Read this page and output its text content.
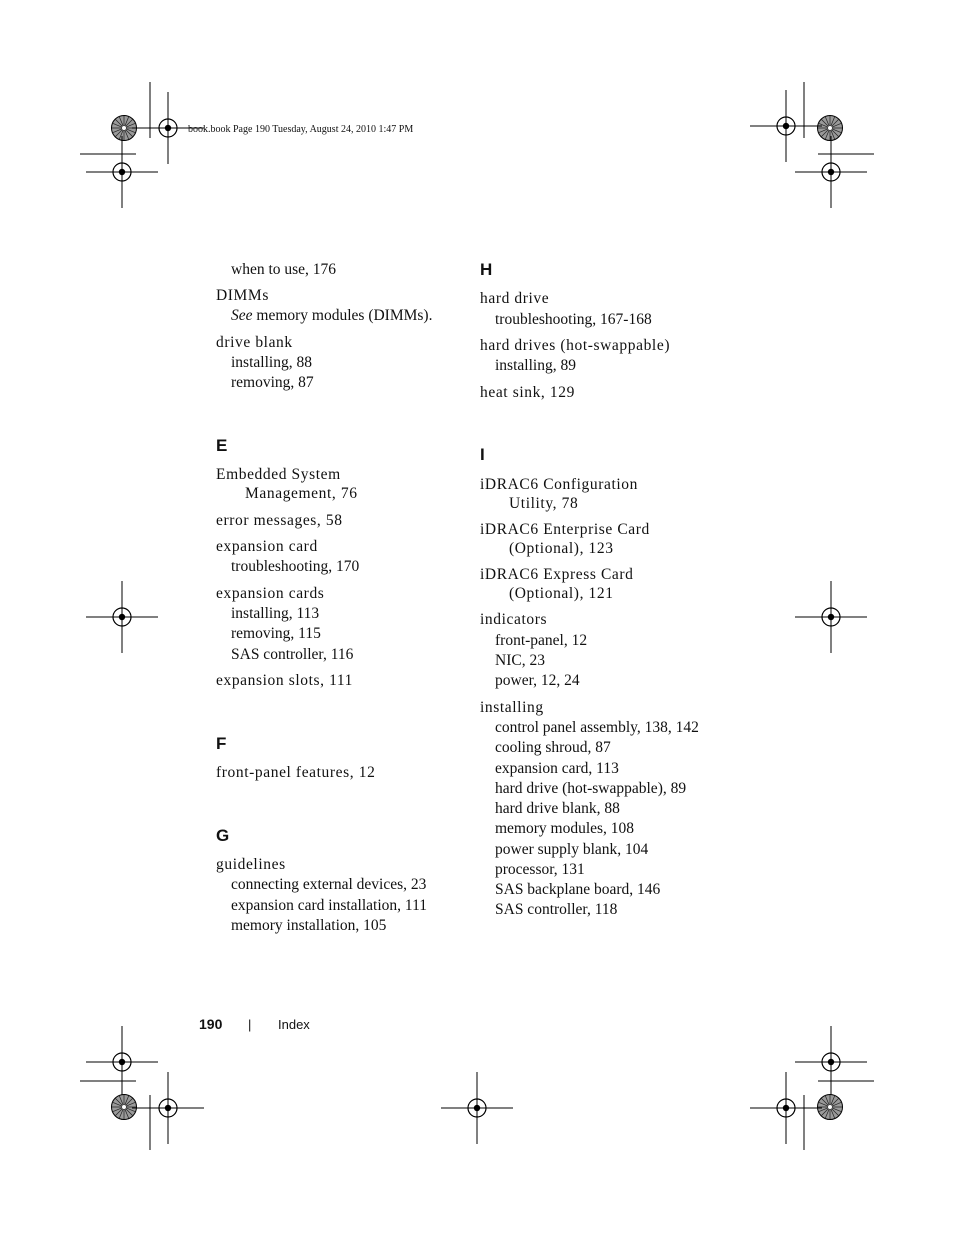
book.book Page 190 Tuesday, August 24, 2010 1:47 PM
when to use, 176
DIMMs
See memory modules (DIMMs).
drive blank
installing, 88
removing, 87
E
Embedded System
Management, 76
error messages, 58
expansion card
troubleshooting, 170
expansion cards
installing, 113
removing, 115
SAS controller, 116
expansion slots, 111
F
front-panel features, 12
G
guidelines
connecting external devices, 23
expansion card installation, 111
memory installation, 105
H
hard drive
troubleshooting, 167-168
hard drives (hot-swappable)
installing, 89
heat sink, 129
I
iDRAC6 Configuration
Utility, 78
iDRAC6 Enterprise Card
(Optional), 123
iDRAC6 Express Card
(Optional), 121
indicators
front-panel, 12
NIC, 23
power, 12, 24
installing
control panel assembly, 138, 142
cooling shroud, 87
expansion card, 113
hard drive (hot-swappable), 89
hard drive blank, 88
memory modules, 108
power supply blank, 104
processor, 131
SAS backplane board, 146
SAS controller, 118
190 | Index
